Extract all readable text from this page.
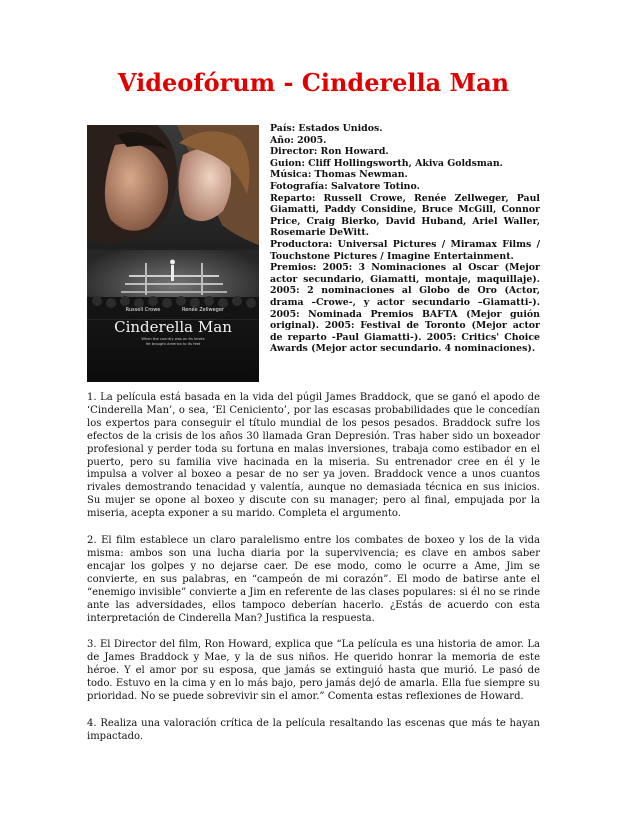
Videofórum - Cinderella Man
Russell Crowe	Renée Zellweger
Cinderella Man
When the country was on its knees
He brought America to its feet
País: Estados Unidos.
Año: 2005.
Director: Ron Howard.
Guion: Cliff Hollingsworth, Akiva Goldsman.
Música: Thomas Newman.
Fotografía: Salvatore Totino.
Reparto: Russell Crowe, Renée Zellweger, Paul Giamatti, Paddy Considine, Bruce McGill, Connor Price, Craig Bierko, David Huband, Ariel Waller, Rosemarie DeWitt.
Productora: Universal Pictures / Miramax Films / Touchstone Pictures / Imagine Entertainment.
Premios: 2005: 3 Nominaciones al Oscar (Mejor actor secundario, Giamatti, montaje, maquillaje). 2005: 2 nominaciones al Globo de Oro (Actor, drama –Crowe-, y actor secundario –Giamatti-). 2005: Nominada Premios BAFTA (Mejor guión original). 2005: Festival de Toronto (Mejor actor de reparto -Paul Giamatti-). 2005: Critics' Choice Awards (Mejor actor secundario. 4 nominaciones).

1. La película está basada en la vida del púgil James Braddock, que se ganó el apodo de ‘Cinderella Man’, o sea, ‘El Ceniciento’, por las escasas probabilidades que le concedían los expertos para conseguir el título mundial de los pesos pesados. Braddock sufre los efectos de la crisis de los años 30 llamada Gran Depresión. Tras haber sido un boxeador profesional y perder toda su fortuna en malas inversiones, trabaja como estibador en el puerto, pero su familia vive hacinada en la miseria. Su entrenador cree en él y le impulsa a volver al boxeo a pesar de no ser ya joven. Braddock vence a unos cuantos rivales demostrando tenacidad y valentía, aunque no demasiada técnica en sus inicios. Su mujer se opone al boxeo y discute con su manager; pero al final, empujada por la miseria, acepta exponer a su marido. Completa el argumento.

2. El film establece un claro paralelismo entre los combates de boxeo y los de la vida misma: ambos son una lucha diaria por la supervivencia; es clave en ambos saber encajar los golpes y no dejarse caer. De ese modo, como le ocurre a Ame, Jim se convierte, en sus palabras, en “campeón de mi corazón”. El modo de batirse ante el “enemigo invisible” convierte a Jim en referente de las clases populares: si él no se rinde ante las adversidades, ellos tampoco deberían hacerlo. ¿Estás de acuerdo con esta interpretación de Cinderella Man? Justifica la respuesta.

3. El Director del film, Ron Howard, explica que “La película es una historia de amor. La de James Braddock y Mae, y la de sus niños. He querido honrar la memoria de este héroe. Y el amor por su esposa, que jamás se extinguió hasta que murió. Le pasó de todo. Estuvo en la cima y en lo más bajo, pero jamás dejó de amarla. Ella fue siempre su prioridad. No se puede sobrevivir sin el amor.” Comenta estas reflexiones de Howard.

4. Realiza una valoración crítica de la película resaltando las escenas que más te hayan impactado.
